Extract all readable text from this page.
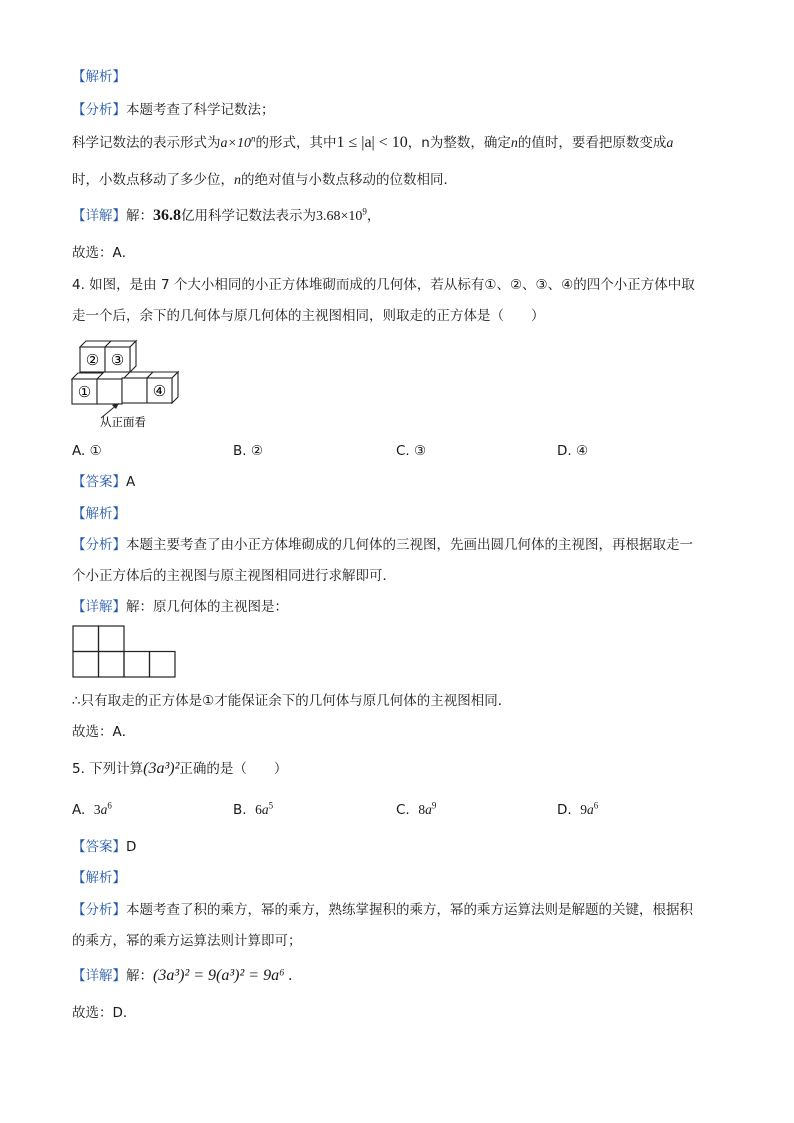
【解析】
【分析】本题考查了科学记数法；
科学记数法的表示形式为$a\times 10^n$的形式，其中1 ≤ |a| < 10，n为整数，确定n的值时，要看把原数变成a
时，小数点移动了多少位，n的绝对值与小数点移动的位数相同．
【详解】解：36.8亿用科学记数法表示为$3.68\times 10^9$，
故选：A．
4. 如图，是由 7 个大小相同的小正方体堆砌而成的几何体，若从标有①、②、③、④的四个小正方体中取
走一个后，余下的几何体与原几何体的主视图相同，则取走的正方体是（　　）
② ③
①	④
从正面看
A. ①	B. ②	C. ③	D. ④
【答案】A
【解析】
【分析】本题主要考查了由小正方体堆砌成的几何体的三视图，先画出圆几何体的主视图，再根据取走一
个小正方体后的主视图与原主视图相同进行求解即可．
【详解】解：原几何体的主视图是：
∴只有取走的正方体是①才能保证余下的几何体与原几何体的主视图相同．
故选：A．
5. 下列计算(3a³)²正确的是（　　）
A. $3a^6$	B. $6a^5$	C. $8a^9$	D. $9a^6$
【答案】D
【解析】
【分析】本题考查了积的乘方，幂的乘方，熟练掌握积的乘方，幂的乘方运算法则是解题的关键，根据积
的乘方，幂的乘方运算法则计算即可；
【详解】解：(3a³)² = 9(a³)² = 9a⁶ .
故选：D．
